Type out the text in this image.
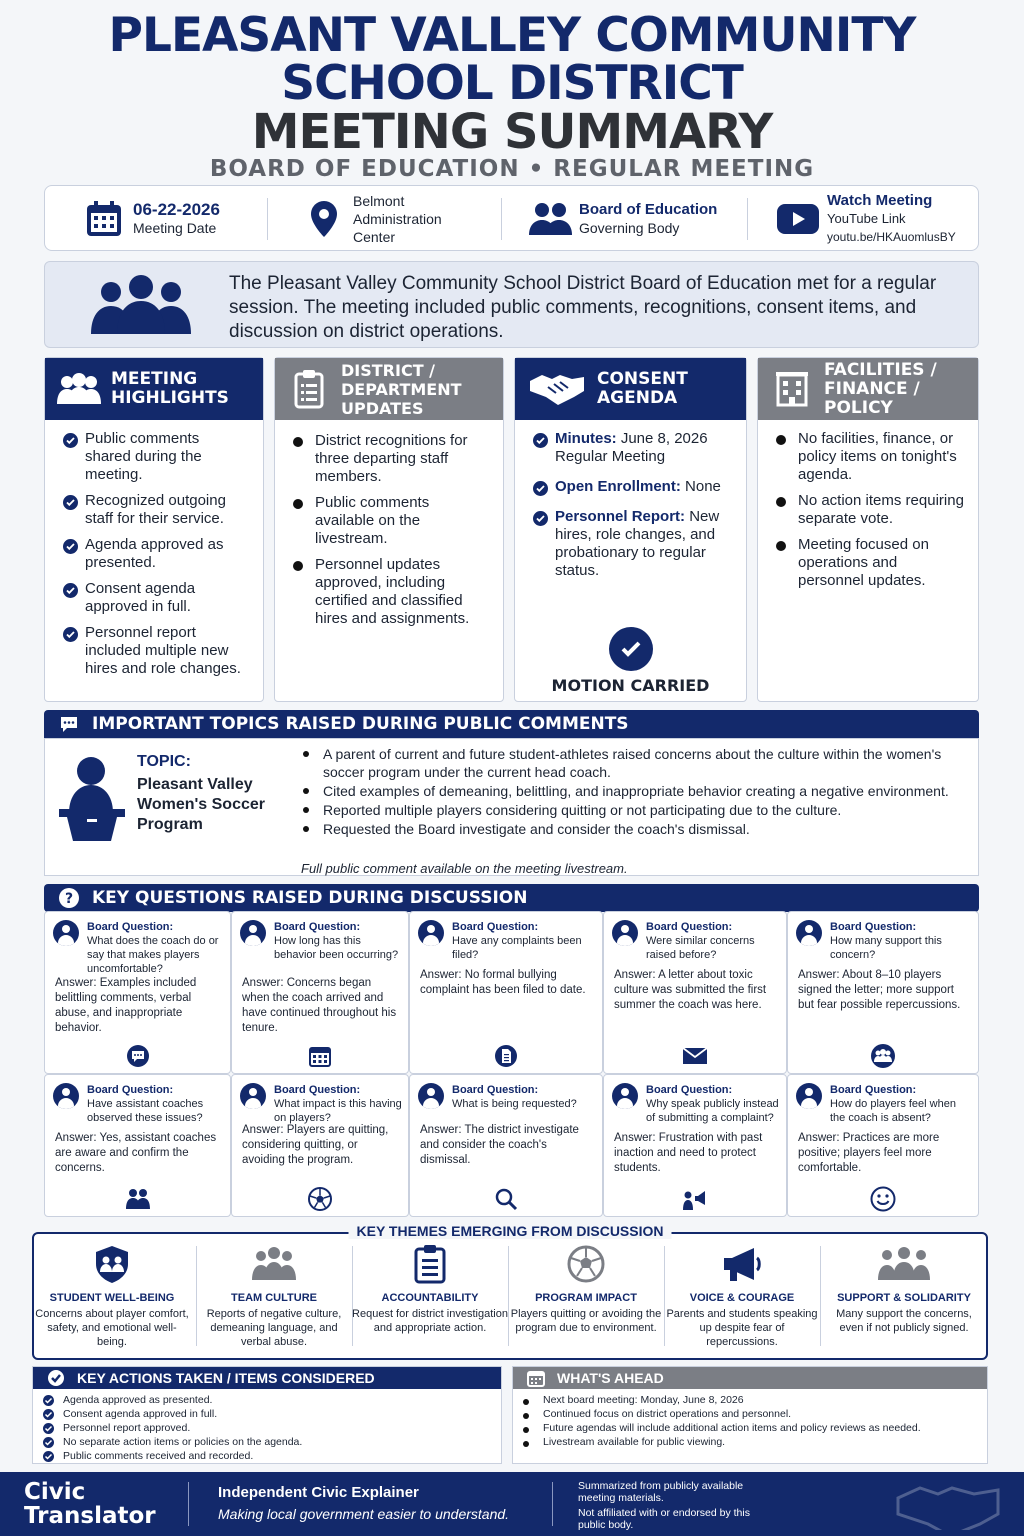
PLEASANT VALLEY COMMUNITY
SCHOOL DISTRICT
MEETING SUMMARY
BOARD OF EDUCATION • REGULAR MEETING
06-22-2026
Meeting Date
Belmont Administration Center
Board of Education
Governing Body
Watch Meeting
YouTube Link
youtu.be/HKAuomlusBY
The Pleasant Valley Community School District Board of Education met for a regular session. The meeting included public comments, recognitions, consent items, and discussion on district operations.
MEETING HIGHLIGHTS
Public comments shared during the meeting.
Recognized outgoing staff for their service.
Agenda approved as presented.
Consent agenda approved in full.
Personnel report included multiple new hires and role changes.
DISTRICT / DEPARTMENT UPDATES
District recognitions for three departing staff members.
Public comments available on the livestream.
Personnel updates approved, including certified and classified hires and assignments.
CONSENT AGENDA
Minutes: June 8, 2026 Regular Meeting
Open Enrollment: None
Personnel Report: New hires, role changes, and probationary to regular status.
MOTION CARRIED
FACILITIES / FINANCE / POLICY
No facilities, finance, or policy items on tonight's agenda.
No action items requiring separate vote.
Meeting focused on operations and personnel updates.
IMPORTANT TOPICS RAISED DURING PUBLIC COMMENTS
TOPIC:
Pleasant Valley Women's Soccer Program
A parent of current and future student-athletes raised concerns about the culture within the women's soccer program under the current head coach.
Cited examples of demeaning, belittling, and inappropriate behavior creating a negative environment.
Reported multiple players considering quitting or not participating due to the culture.
Requested the Board investigate and consider the coach's dismissal.
Full public comment available on the meeting livestream.
? KEY QUESTIONS RAISED DURING DISCUSSION
Board Question:
What does the coach do or say that makes players uncomfortable?
Answer: Examples included belittling comments, verbal abuse, and inappropriate behavior.
Board Question:
How long has this behavior been occurring?
Answer: Concerns began when the coach arrived and have continued throughout his tenure.
Board Question:
Have any complaints been filed?
Answer: No formal bullying complaint has been filed to date.
Board Question:
Were similar concerns raised before?
Answer: A letter about toxic culture was submitted the first summer the coach was here.
Board Question:
How many support this concern?
Answer: About 8–10 players signed the letter; more support but fear possible repercussions.
Board Question:
Have assistant coaches observed these issues?
Answer: Yes, assistant coaches are aware and confirm the concerns.
Board Question:
What impact is this having on players?
Answer: Players are quitting, considering quitting, or avoiding the program.
Board Question:
What is being requested?
Answer: The district investigate and consider the coach's dismissal.
Board Question:
Why speak publicly instead of submitting a complaint?
Answer: Frustration with past inaction and need to protect students.
Board Question:
How do players feel when the coach is absent?
Answer: Practices are more positive; players feel more comfortable.
KEY THEMES EMERGING FROM DISCUSSION
STUDENT WELL-BEING
Concerns about player comfort, safety, and emotional well-being.
TEAM CULTURE
Reports of negative culture, demeaning language, and verbal abuse.
ACCOUNTABILITY
Request for district investigation and appropriate action.
PROGRAM IMPACT
Players quitting or avoiding the program due to environment.
VOICE & COURAGE
Parents and students speaking up despite fear of repercussions.
SUPPORT & SOLIDARITY
Many support the concerns, even if not publicly signed.
KEY ACTIONS TAKEN / ITEMS CONSIDERED
Agenda approved as presented.
Consent agenda approved in full.
Personnel report approved.
No separate action items or policies on the agenda.
Public comments received and recorded.
WHAT'S AHEAD
Next board meeting: Monday, June 8, 2026
Continued focus on district operations and personnel.
Future agendas will include additional action items and policy reviews as needed.
Livestream available for public viewing.
Civic
Translator
Independent Civic Explainer
Making local government easier to understand.
Summarized from publicly available meeting materials.
Not affiliated with or endorsed by this public body.
